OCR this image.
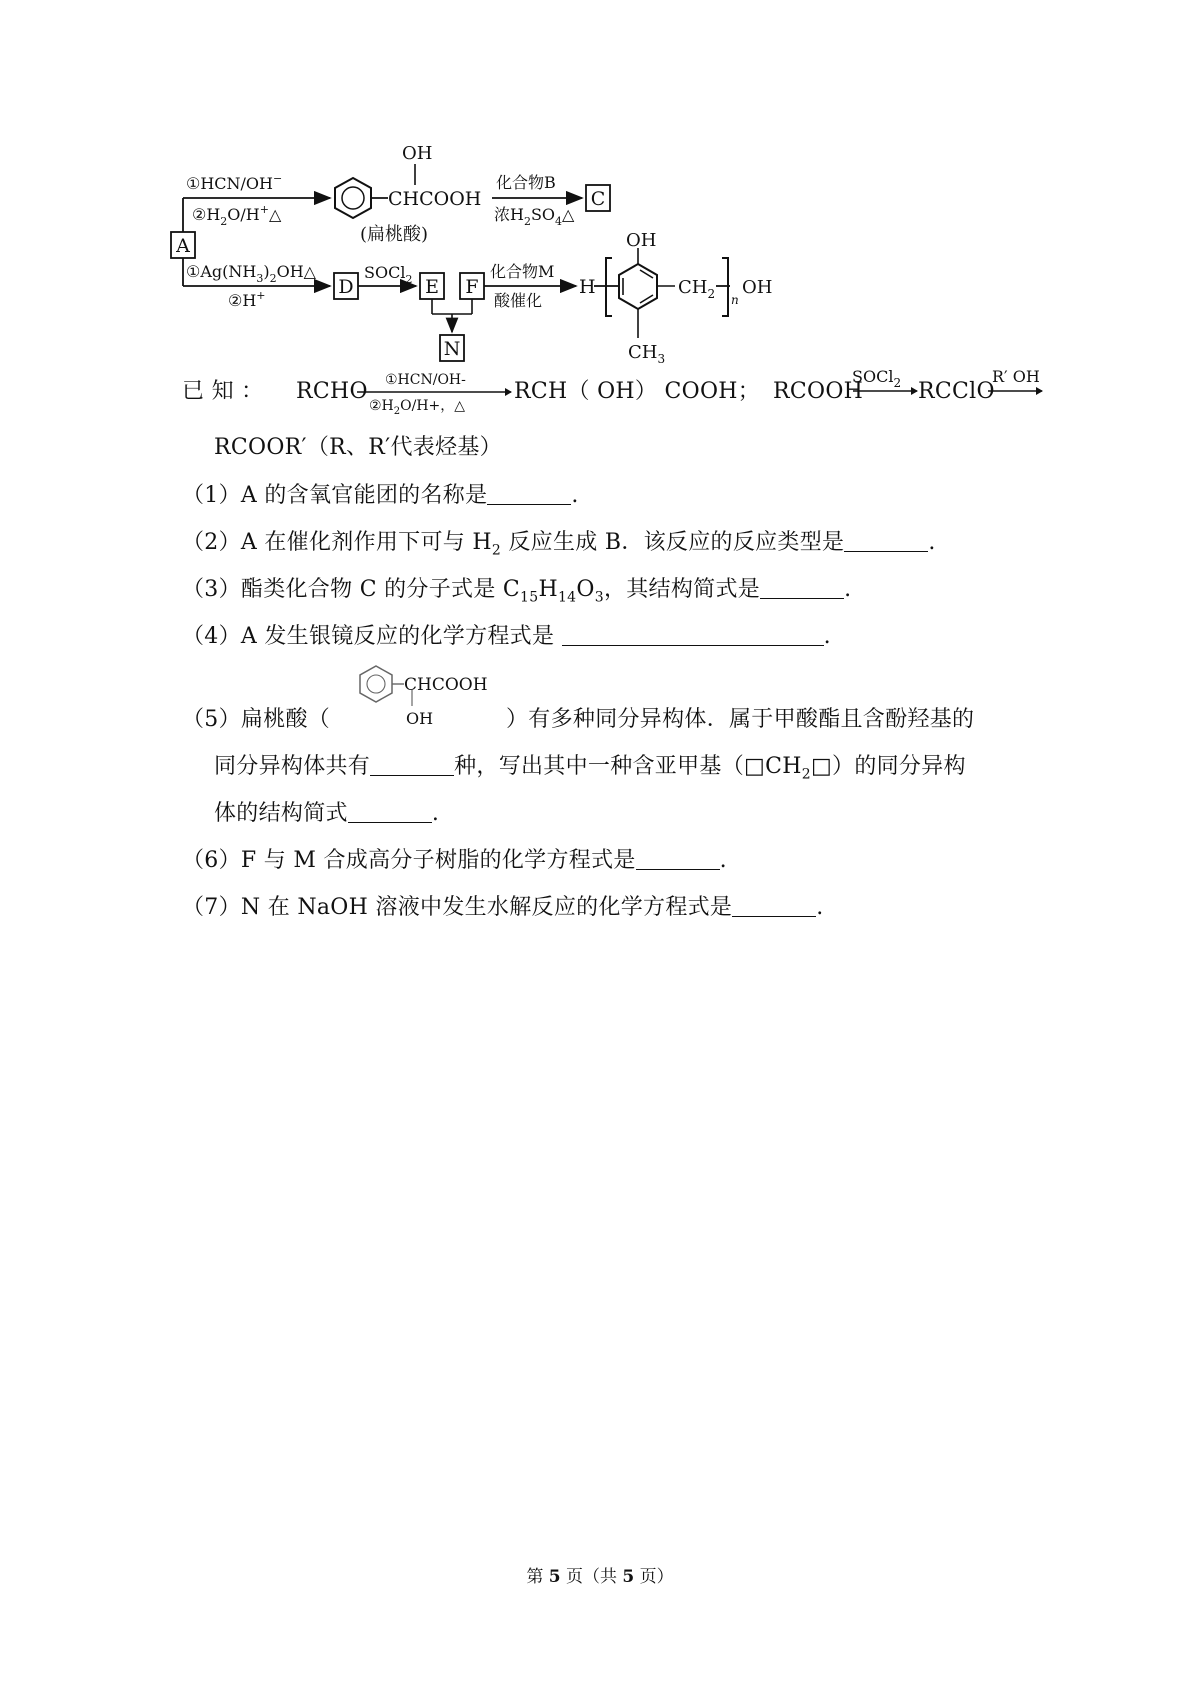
A
①HCN/OH−
$②H_2O/H^+\triangle$
OH
CHCOOH
(扁桃酸)
化合物B
浓$H_2SO_4\triangle$
C
$①Ag(NH_3)_2OH\triangle$
②H+	D
SOCl$_2$ E F
N
化合物M
酸催化
H
OH
$CH_2$ n
OH
$CH_3$
已 知 ： RCHO ①HCN/OH-
$②H_2O/H+$，△
RCH（ OH） COOH； RCOOH
SOCl$_2$ RCClO
R′ OH
RCOOR′（R、R′代表烃基）
（1）A 的含氧官能团的名称是	.
（2）A 在催化剂作用下可与 $H_2$ 反应生成 B．该反应的反应类型是	.
（3）酯类化合物 C 的分子式是 $C_{15}H_{14}O_3$，其结构简式是	.
（4）A 发生银镜反应的化学方程式是	.
CHCOOH
OH
（5）扁桃酸（	）有多种同分异构体．属于甲酸酯且含酚羟基的
同分异构体共有	种，写出其中一种含亚甲基$(□CH_2□)$的同分异构
体的结构简式	.
（6）F 与 M 合成高分子树脂的化学方程式是	.
（7）N 在 NaOH 溶液中发生水解反应的化学方程式是	.
第 5 页（共 5 页）
